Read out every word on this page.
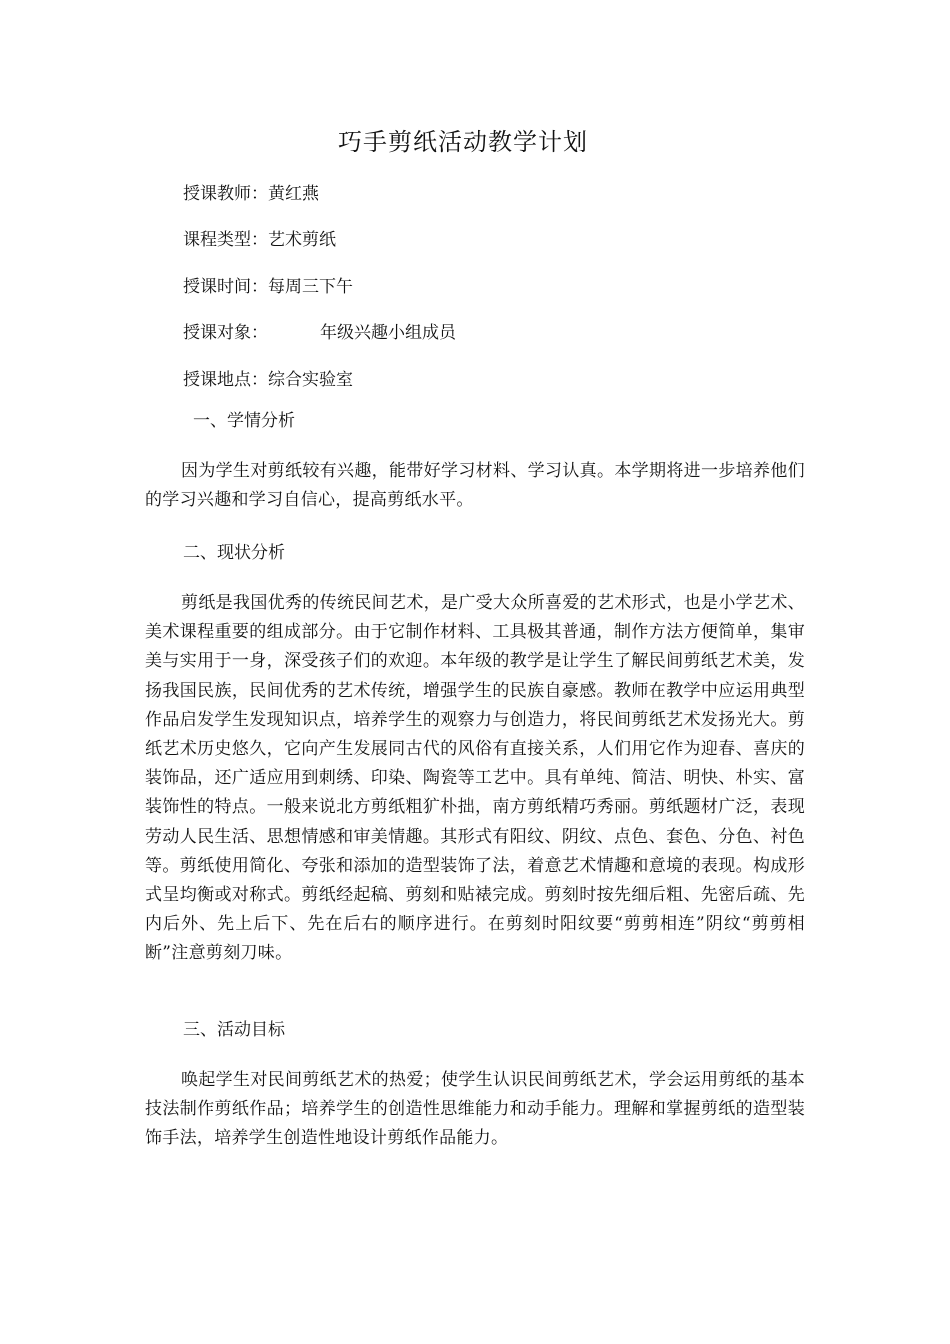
巧手剪纸活动教学计划
授课教师：黄红燕
课程类型：艺术剪纸
授课时间：每周三下午
授课对象：	年级兴趣小组成员
授课地点：综合实验室
一、学情分析
因为学生对剪纸较有兴趣，能带好学习材料、学习认真。本学期将进一步培养他们的学习兴趣和学习自信心，提高剪纸水平。
二、现状分析
剪纸是我国优秀的传统民间艺术，是广受大众所喜爱的艺术形式，也是小学艺术、美术课程重要的组成部分。由于它制作材料、工具极其普通，制作方法方便简单，集审美与实用于一身，深受孩子们的欢迎。本年级的教学是让学生了解民间剪纸艺术美，发扬我国民族，民间优秀的艺术传统，增强学生的民族自豪感。教师在教学中应运用典型作品启发学生发现知识点，培养学生的观察力与创造力，将民间剪纸艺术发扬光大。剪纸艺术历史悠久，它向产生发展同古代的风俗有直接关系，人们用它作为迎春、喜庆的装饰品，还广适应用到刺绣、印染、陶瓷等工艺中。具有单纯、简洁、明快、朴实、富装饰性的特点。一般来说北方剪纸粗犷朴拙，南方剪纸精巧秀丽。剪纸题材广泛，表现劳动人民生活、思想情感和审美情趣。其形式有阳纹、阴纹、点色、套色、分色、衬色等。剪纸使用简化、夸张和添加的造型装饰了法，着意艺术情趣和意境的表现。构成形式呈均衡或对称式。剪纸经起稿、剪刻和贴裱完成。剪刻时按先细后粗、先密后疏、先内后外、先上后下、先在后右的顺序进行。在剪刻时阳纹要“剪剪相连”阴纹“剪剪相断”注意剪刻刀味。
三、活动目标
唤起学生对民间剪纸艺术的热爱；使学生认识民间剪纸艺术，学会运用剪纸的基本技法制作剪纸作品；培养学生的创造性思维能力和动手能力。理解和掌握剪纸的造型装饰手法，培养学生创造性地设计剪纸作品能力。
